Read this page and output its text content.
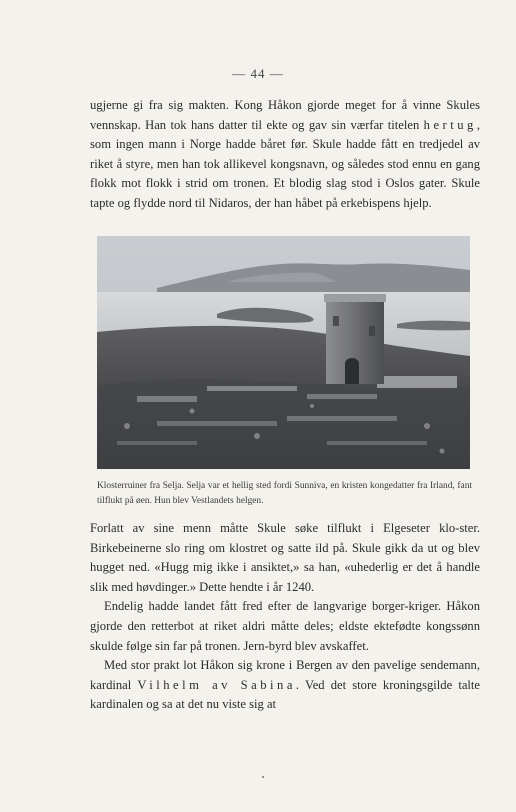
— 44 —

ugjerne gi fra sig makten. Kong Håkon gjorde meget for å vinne Skules vennskap. Han tok hans datter til ekte og gav sin værfar titelen hertug, som ingen mann i Norge hadde båret før. Skule hadde fått en tredjedel av riket å styre, men han tok allikevel kongsnavn, og således stod ennu en gang flokk mot flokk i strid om tronen. Et blodig slag stod i Oslos gater. Skule tapte og flydde nord til Nidaros, der han håbet på erkebispens hjelp.

Klosterruiner fra Selja. Selja var et hellig sted fordi Sunniva, en kristen kongedatter fra Irland, fant tilflukt på øen. Hun blev Vestlandets helgen.

Forlatt av sine menn måtte Skule søke tilflukt i Elgeseter klo-ster. Birkebeinerne slo ring om klostret og satte ild på. Skule gikk da ut og blev hugget ned. «Hugg mig ikke i ansiktet,» sa han, «uhederlig er det å handle slik med høvdinger.» Dette hendte i år 1240.

Endelig hadde landet fått fred efter de langvarige borger-kriger. Håkon gjorde den retterbot at riket aldri måtte deles; eldste ektefødte kongssønn skulde følge sin far på tronen. Jern-byrd blev avskaffet.

Med stor prakt lot Håkon sig krone i Bergen av den pavelige sendemann, kardinal Vilhelm av Sabina. Ved det store kroningsgilde talte kardinalen og sa at det nu viste sig at
